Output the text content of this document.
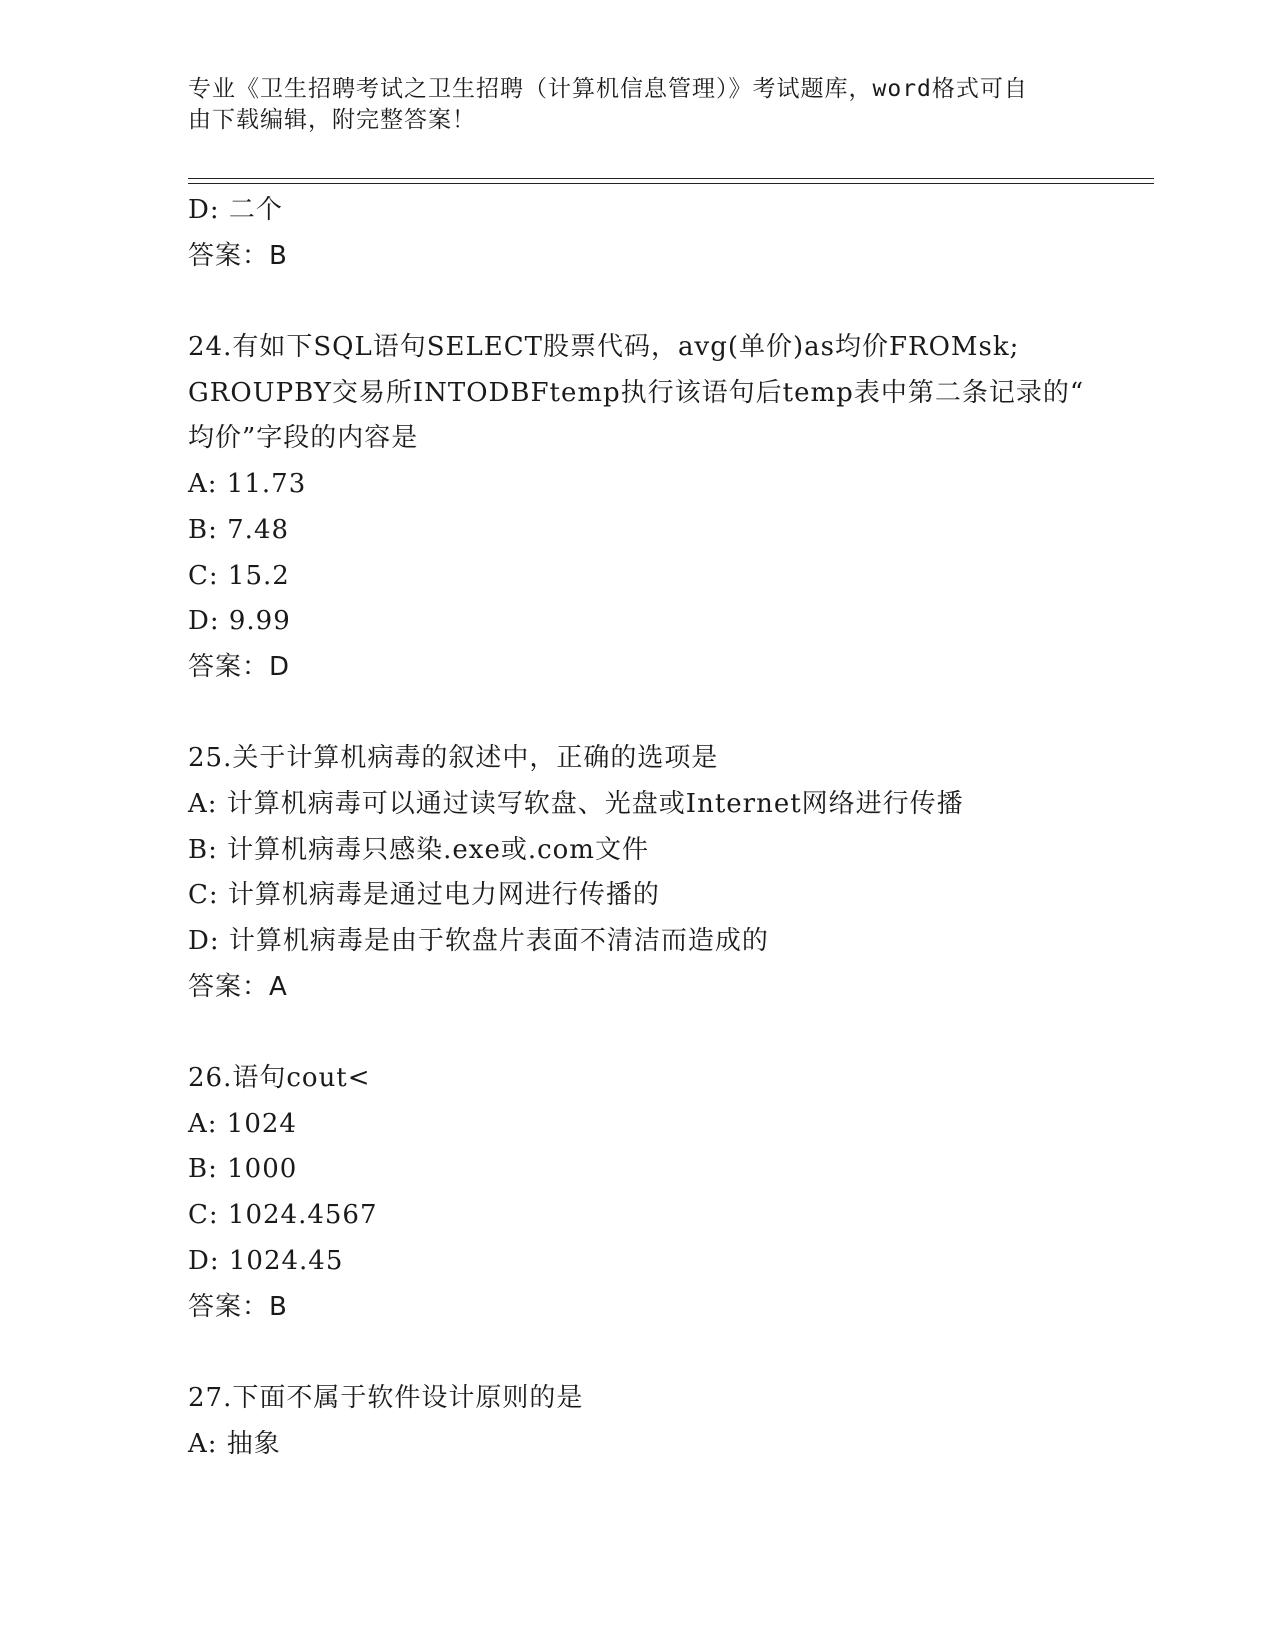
专业《卫生招聘考试之卫生招聘（计算机信息管理）》考试题库，word格式可自
由下载编辑，附完整答案！
D: 二个
答案：B
24.有如下SQL语句SELECT股票代码，avg(单价)as均价FROMsk;
GROUPBY交易所INTODBFtemp执行该语句后temp表中第二条记录的“
均价”字段的内容是
A: 11.73
B: 7.48
C: 15.2
D: 9.99
答案：D
25.关于计算机病毒的叙述中，正确的选项是
A: 计算机病毒可以通过读写软盘、光盘或Internet网络进行传播
B: 计算机病毒只感染.exe或.com文件
C: 计算机病毒是通过电力网进行传播的
D: 计算机病毒是由于软盘片表面不清洁而造成的
答案：A
26.语句cout<
A: 1024
B: 1000
C: 1024.4567
D: 1024.45
答案：B
27.下面不属于软件设计原则的是
A: 抽象
